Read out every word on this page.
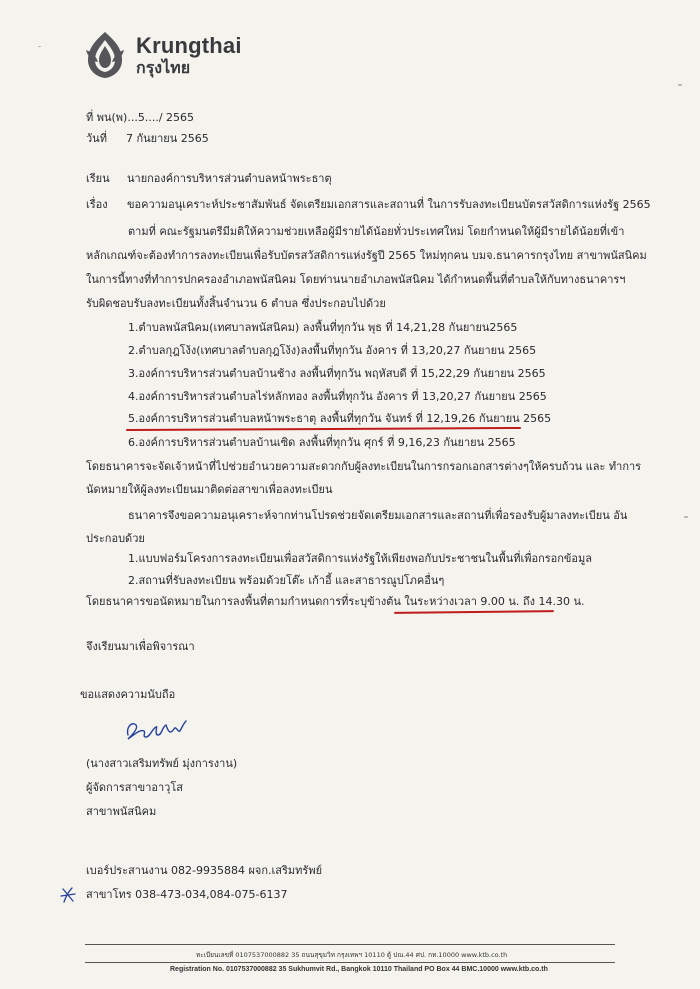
Krungthai
กรุงไทย
ที่ พน(พ)...5..../ 2565
วันที่ 7 กันยายน 2565
เรียน นายกองค์การบริหารส่วนตำบลหน้าพระธาตุ
เรื่อง ขอความอนุเคราะห์ประชาสัมพันธ์ จัดเตรียมเอกสารและสถานที่ ในการรับลงทะเบียนบัตรสวัสดิการแห่งรัฐ 2565
ตามที่ คณะรัฐมนตรีมีมติให้ความช่วยเหลือผู้มีรายได้น้อยทั่วประเทศใหม่ โดยกำหนดให้ผู้มีรายได้น้อยที่เข้า
หลักเกณฑ์จะต้องทำการลงทะเบียนเพื่อรับบัตรสวัสดิการแห่งรัฐปี 2565 ใหม่ทุกคน บมจ.ธนาคารกรุงไทย สาขาพนัสนิคม
ในการนี้ทางที่ทำการปกครองอำเภอพนัสนิคม โดยท่านนายอำเภอพนัสนิคม ได้กำหนดพื้นที่ตำบลให้กับทางธนาคารฯ
รับผิดชอบรับลงทะเบียนทั้งสิ้นจำนวน 6 ตำบล ซึ่งประกอบไปด้วย
1.ตำบลพนัสนิคม(เทศบาลพนัสนิคม) ลงพื้นที่ทุกวัน พุธ ที่ 14,21,28 กันยายน2565
2.ตำบลกุฎโง้ง(เทศบาลตำบลกุฎโง้ง)ลงพื้นที่ทุกวัน อังคาร ที่ 13,20,27 กันยายน 2565
3.องค์การบริหารส่วนตำบลบ้านช้าง ลงพื้นที่ทุกวัน พฤหัสบดี ที่ 15,22,29 กันยายน 2565
4.องค์การบริหารส่วนตำบลไร่หลักทอง ลงพื้นที่ทุกวัน อังคาร ที่ 13,20,27 กันยายน 2565
5.องค์การบริหารส่วนตำบลหน้าพระธาตุ ลงพื้นที่ทุกวัน จันทร์ ที่ 12,19,26 กันยายน 2565
6.องค์การบริหารส่วนตำบลบ้านเซิด ลงพื้นที่ทุกวัน ศุกร์ ที่ 9,16,23 กันยายน 2565
โดยธนาคารจะจัดเจ้าหน้าที่ไปช่วยอำนวยความสะดวกกับผู้ลงทะเบียนในการกรอกเอกสารต่างๆให้ครบถ้วน และ ทำการ
นัดหมายให้ผู้ลงทะเบียนมาติดต่อสาขาเพื่อลงทะเบียน
ธนาคารจึงขอความอนุเคราะห์จากท่านโปรดช่วยจัดเตรียมเอกสารและสถานที่เพื่อรองรับผู้มาลงทะเบียน อัน
ประกอบด้วย
1.แบบฟอร์มโครงการลงทะเบียนเพื่อสวัสดิการแห่งรัฐให้เพียงพอกับประชาชนในพื้นที่เพื่อกรอกข้อมูล
2.สถานที่รับลงทะเบียน พร้อมด้วยโต๊ะ เก้าอี้ และสาธารณูปโภคอื่นๆ
โดยธนาคารขอนัดหมายในการลงพื้นที่ตามกำหนดการที่ระบุข้างต้น ในระหว่างเวลา 9.00 น. ถึง 14.30 น.
จึงเรียนมาเพื่อพิจารณา
ขอแสดงความนับถือ
(นางสาวเสริมทรัพย์ มุ่งการงาน)
ผู้จัดการสาขาอาวุโส
สาขาพนัสนิคม
เบอร์ประสานงาน 082-9935884 ผจก.เสริมทรัพย์
สาขาโทร 038-473-034,084-075-6137
ทะเบียนเลขที่ 0107537000882 35 ถนนสุขุมวิท กรุงเทพฯ 10110 ตู้ ปณ.44 ศป. กท.10000 www.ktb.co.th
Registration No. 0107537000882 35 Sukhumvit Rd., Bangkok 10110 Thailand PO Box 44 BMC.10000 www.ktb.co.th
